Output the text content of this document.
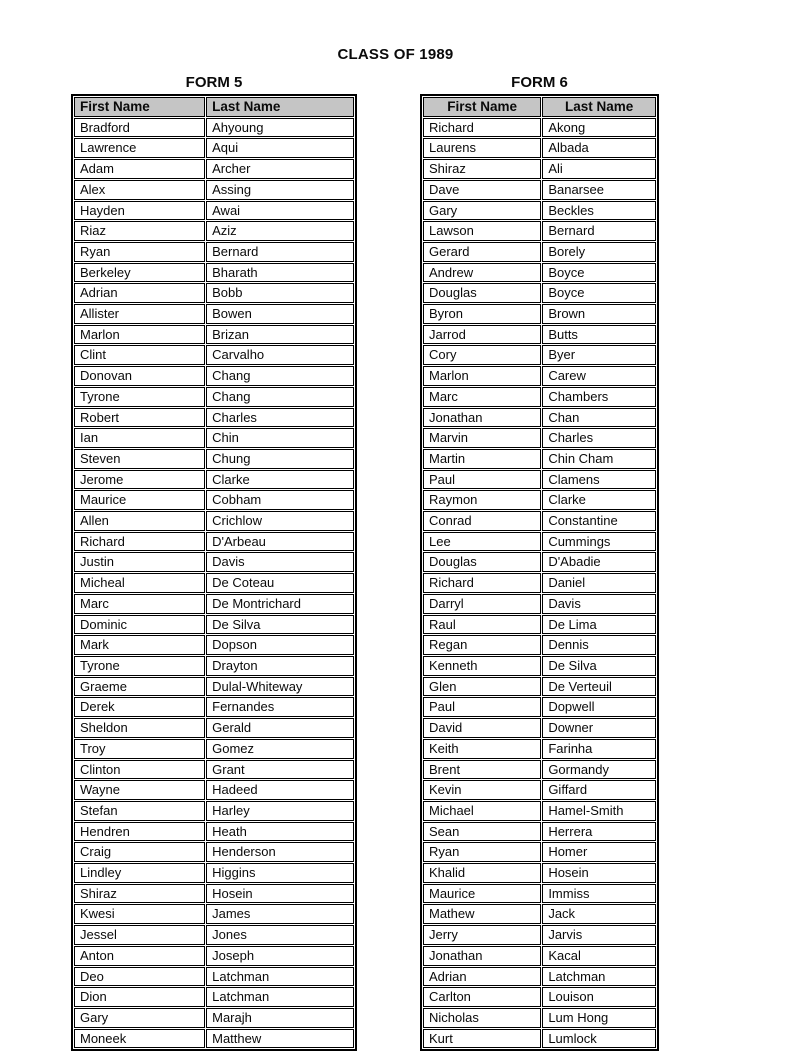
CLASS OF 1989
FORM 5
First Name	Last Name
Bradford	Ahyoung
Lawrence	Aqui
Adam	Archer
Alex	Assing
Hayden	Awai
Riaz	Aziz
Ryan	Bernard
Berkeley	Bharath
Adrian	Bobb
Allister	Bowen
Marlon	Brizan
Clint	Carvalho
Donovan	Chang
Tyrone	Chang
Robert	Charles
Ian	Chin
Steven	Chung
Jerome	Clarke
Maurice	Cobham
Allen	Crichlow
Richard	D'Arbeau
Justin	Davis
Micheal	De Coteau
Marc	De Montrichard
Dominic	De Silva
Mark	Dopson
Tyrone	Drayton
Graeme	Dulal-Whiteway
Derek	Fernandes
Sheldon	Gerald
Troy	Gomez
Clinton	Grant
Wayne	Hadeed
Stefan	Harley
Hendren	Heath
Craig	Henderson
Lindley	Higgins
Shiraz	Hosein
Kwesi	James
Jessel	Jones
Anton	Joseph
Deo	Latchman
Dion	Latchman
Gary	Marajh
Moneek	Matthew
FORM 6
First Name	Last Name
Richard	Akong
Laurens	Albada
Shiraz	Ali
Dave	Banarsee
Gary	Beckles
Lawson	Bernard
Gerard	Borely
Andrew	Boyce
Douglas	Boyce
Byron	Brown
Jarrod	Butts
Cory	Byer
Marlon	Carew
Marc	Chambers
Jonathan	Chan
Marvin	Charles
Martin	Chin Cham
Paul	Clamens
Raymon	Clarke
Conrad	Constantine
Lee	Cummings
Douglas	D'Abadie
Richard	Daniel
Darryl	Davis
Raul	De Lima
Regan	Dennis
Kenneth	De Silva
Glen	De Verteuil
Paul	Dopwell
David	Downer
Keith	Farinha
Brent	Gormandy
Kevin	Giffard
Michael	Hamel-Smith
Sean	Herrera
Ryan	Homer
Khalid	Hosein
Maurice	Immiss
Mathew	Jack
Jerry	Jarvis
Jonathan	Kacal
Adrian	Latchman
Carlton	Louison
Nicholas	Lum Hong
Kurt	Lumlock
